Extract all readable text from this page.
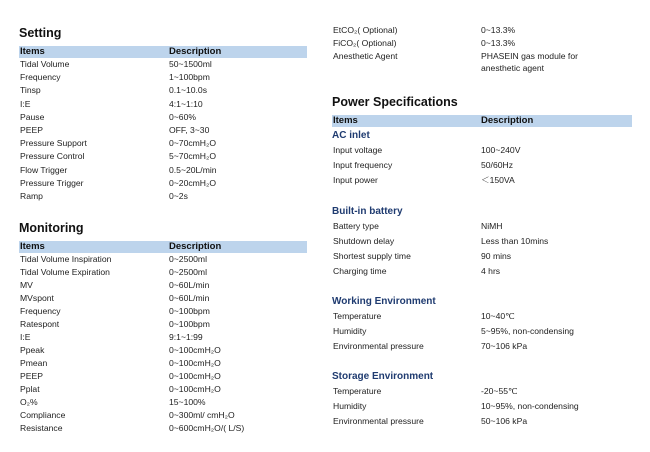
Setting
Items	Description
Tidal Volume	50~1500ml
Frequency	1~100bpm
Tinsp	0.1~10.0s
I:E	4:1~1:10
Pause	0~60%
PEEP	OFF, 3~30
Pressure Support	0~70cmH₂O
Pressure Control	5~70cmH₂O
Flow Trigger	0.5~20L/min
Pressure Trigger	0~20cmH₂O
Ramp	0~2s
Monitoring
Items	Description
Tidal Volume Inspiration	0~2500ml
Tidal Volume Expiration	0~2500ml
MV	0~60L/min
MVspont	0~60L/min
Frequency	0~100bpm
Ratespont	0~100bpm
I:E	9:1~1:99
Ppeak	0~100cmH₂O
Pmean	0~100cmH₂O
PEEP	0~100cmH₂O
Pplat	0~100cmH₂O
O₂%	15~100%
Compliance	0~300ml/ cmH₂O
Resistance	0~600cmH₂O/( L/S)
EtCO₂( Optional)	0~13.3%
FiCO₂( Optional)	0~13.3%
Anesthetic Agent	PHASEIN gas module for
anesthetic agent
Power Specifications
Items	Description
AC inlet
Input voltage	100~240V
Input frequency	50/60Hz
Input power	＜150VA
Built-in battery
Battery type	NiMH
Shutdown delay	Less than 10mins
Shortest supply time	90 mins
Charging time	4 hrs
Working Environment
Temperature	10~40℃
Humidity	5~95%, non-condensing
Environmental pressure	70~106 kPa
Storage Environment
Temperature	-20~55℃
Humidity	10~95%, non-condensing
Environmental pressure	50~106 kPa
